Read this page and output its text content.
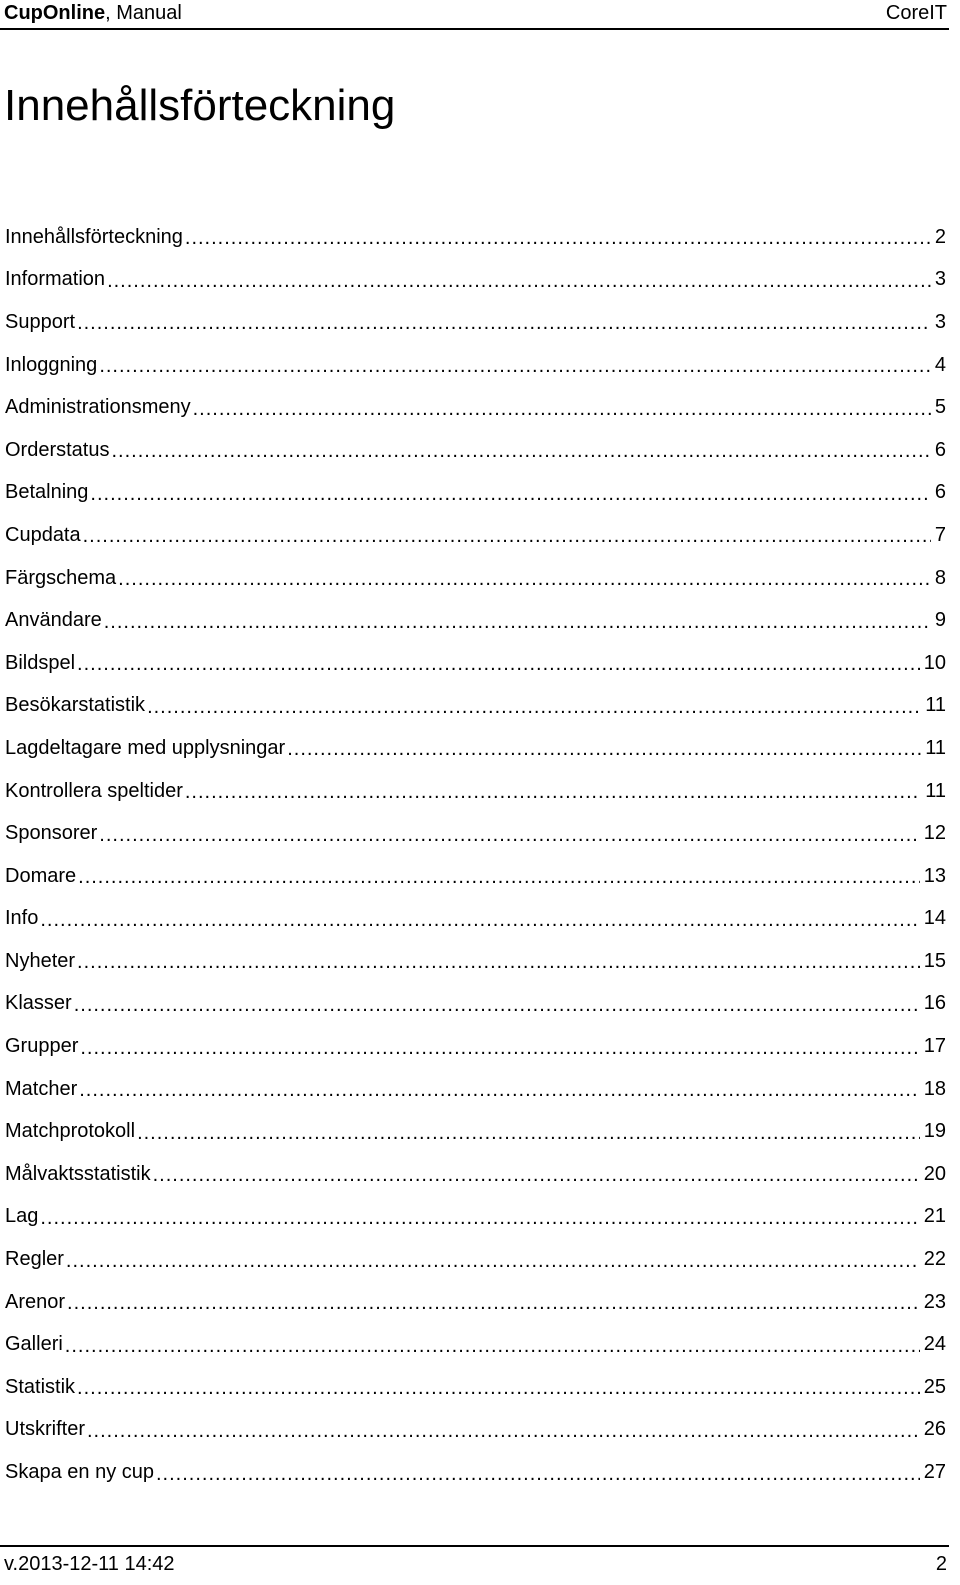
CupOnline, Manual	CoreIT
Innehållsförteckning
Innehållsförteckning .....	2
Information .....	3
Support .....	3
Inloggning .....	4
Administrationsmeny .....	5
Orderstatus .....	6
Betalning .....	6
Cupdata .....	7
Färgschema .....	8
Användare .....	9
Bildspel .....	10
Besökarstatistik .....	11
Lagdeltagare med upplysningar .....	11
Kontrollera speltider .....	11
Sponsorer .....	12
Domare .....	13
Info .....	14
Nyheter .....	15
Klasser .....	16
Grupper .....	17
Matcher .....	18
Matchprotokoll .....	19
Målvaktsstatistik .....	20
Lag .....	21
Regler .....	22
Arenor .....	23
Galleri .....	24
Statistik .....	25
Utskrifter .....	26
Skapa en ny cup .....	27
v.2013-12-11 14:42	2
